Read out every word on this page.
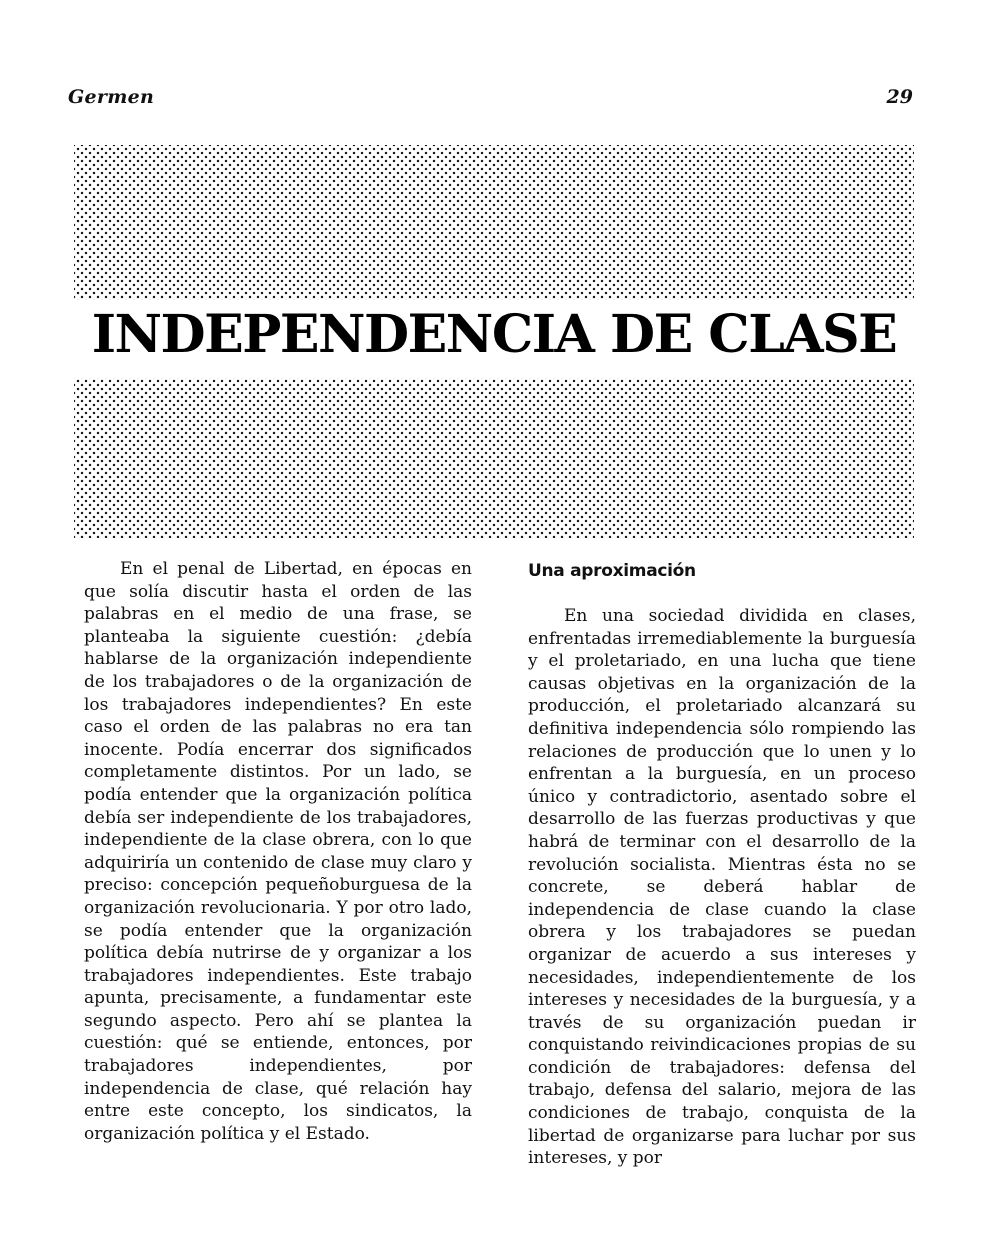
Germen	29
INDEPENDENCIA DE CLASE

En el penal de Libertad, en épocas en que solía discutir hasta el orden de las palabras en el medio de una frase, se planteaba la siguiente cuestión: ¿debía hablarse de la organización independiente de los trabajadores o de la organización de los trabajadores independientes? En este caso el orden de las palabras no era tan inocente. Podía encerrar dos significados completamente distintos. Por un lado, se podía entender que la organización política debía ser independiente de los trabajadores, independiente de la clase obrera, con lo que adquiriría un contenido de clase muy claro y preciso: concepción pequeñoburguesa de la organización revolucionaria. Y por otro lado, se podía entender que la organización política debía nutrirse de y organizar a los trabajadores independientes. Este trabajo apunta, precisamente, a fundamentar este segundo aspecto. Pero ahí se plantea la cuestión: qué se entiende, entonces, por trabajadores independientes, por independencia de clase, qué relación hay entre este concepto, los sindicatos, la organización política y el Estado.

Una aproximación

En una sociedad dividida en clases, enfrentadas irremediablemente la burguesía y el proletariado, en una lucha que tiene causas objetivas en la organización de la producción, el proletariado alcanzará su definitiva independencia sólo rompiendo las relaciones de producción que lo unen y lo enfrentan a la burguesía, en un proceso único y contradictorio, asentado sobre el desarrollo de las fuerzas productivas y que habrá de terminar con el desarrollo de la revolución socialista. Mientras ésta no se concrete, se deberá hablar de independencia de clase cuando la clase obrera y los trabajadores se puedan organizar de acuerdo a sus intereses y necesidades, independientemente de los intereses y necesidades de la burguesía, y a través de su organización puedan ir conquistando reivindicaciones propias de su condición de trabajadores: defensa del trabajo, defensa del salario, mejora de las condiciones de trabajo, conquista de la libertad de organizarse para luchar por sus intereses, y por
